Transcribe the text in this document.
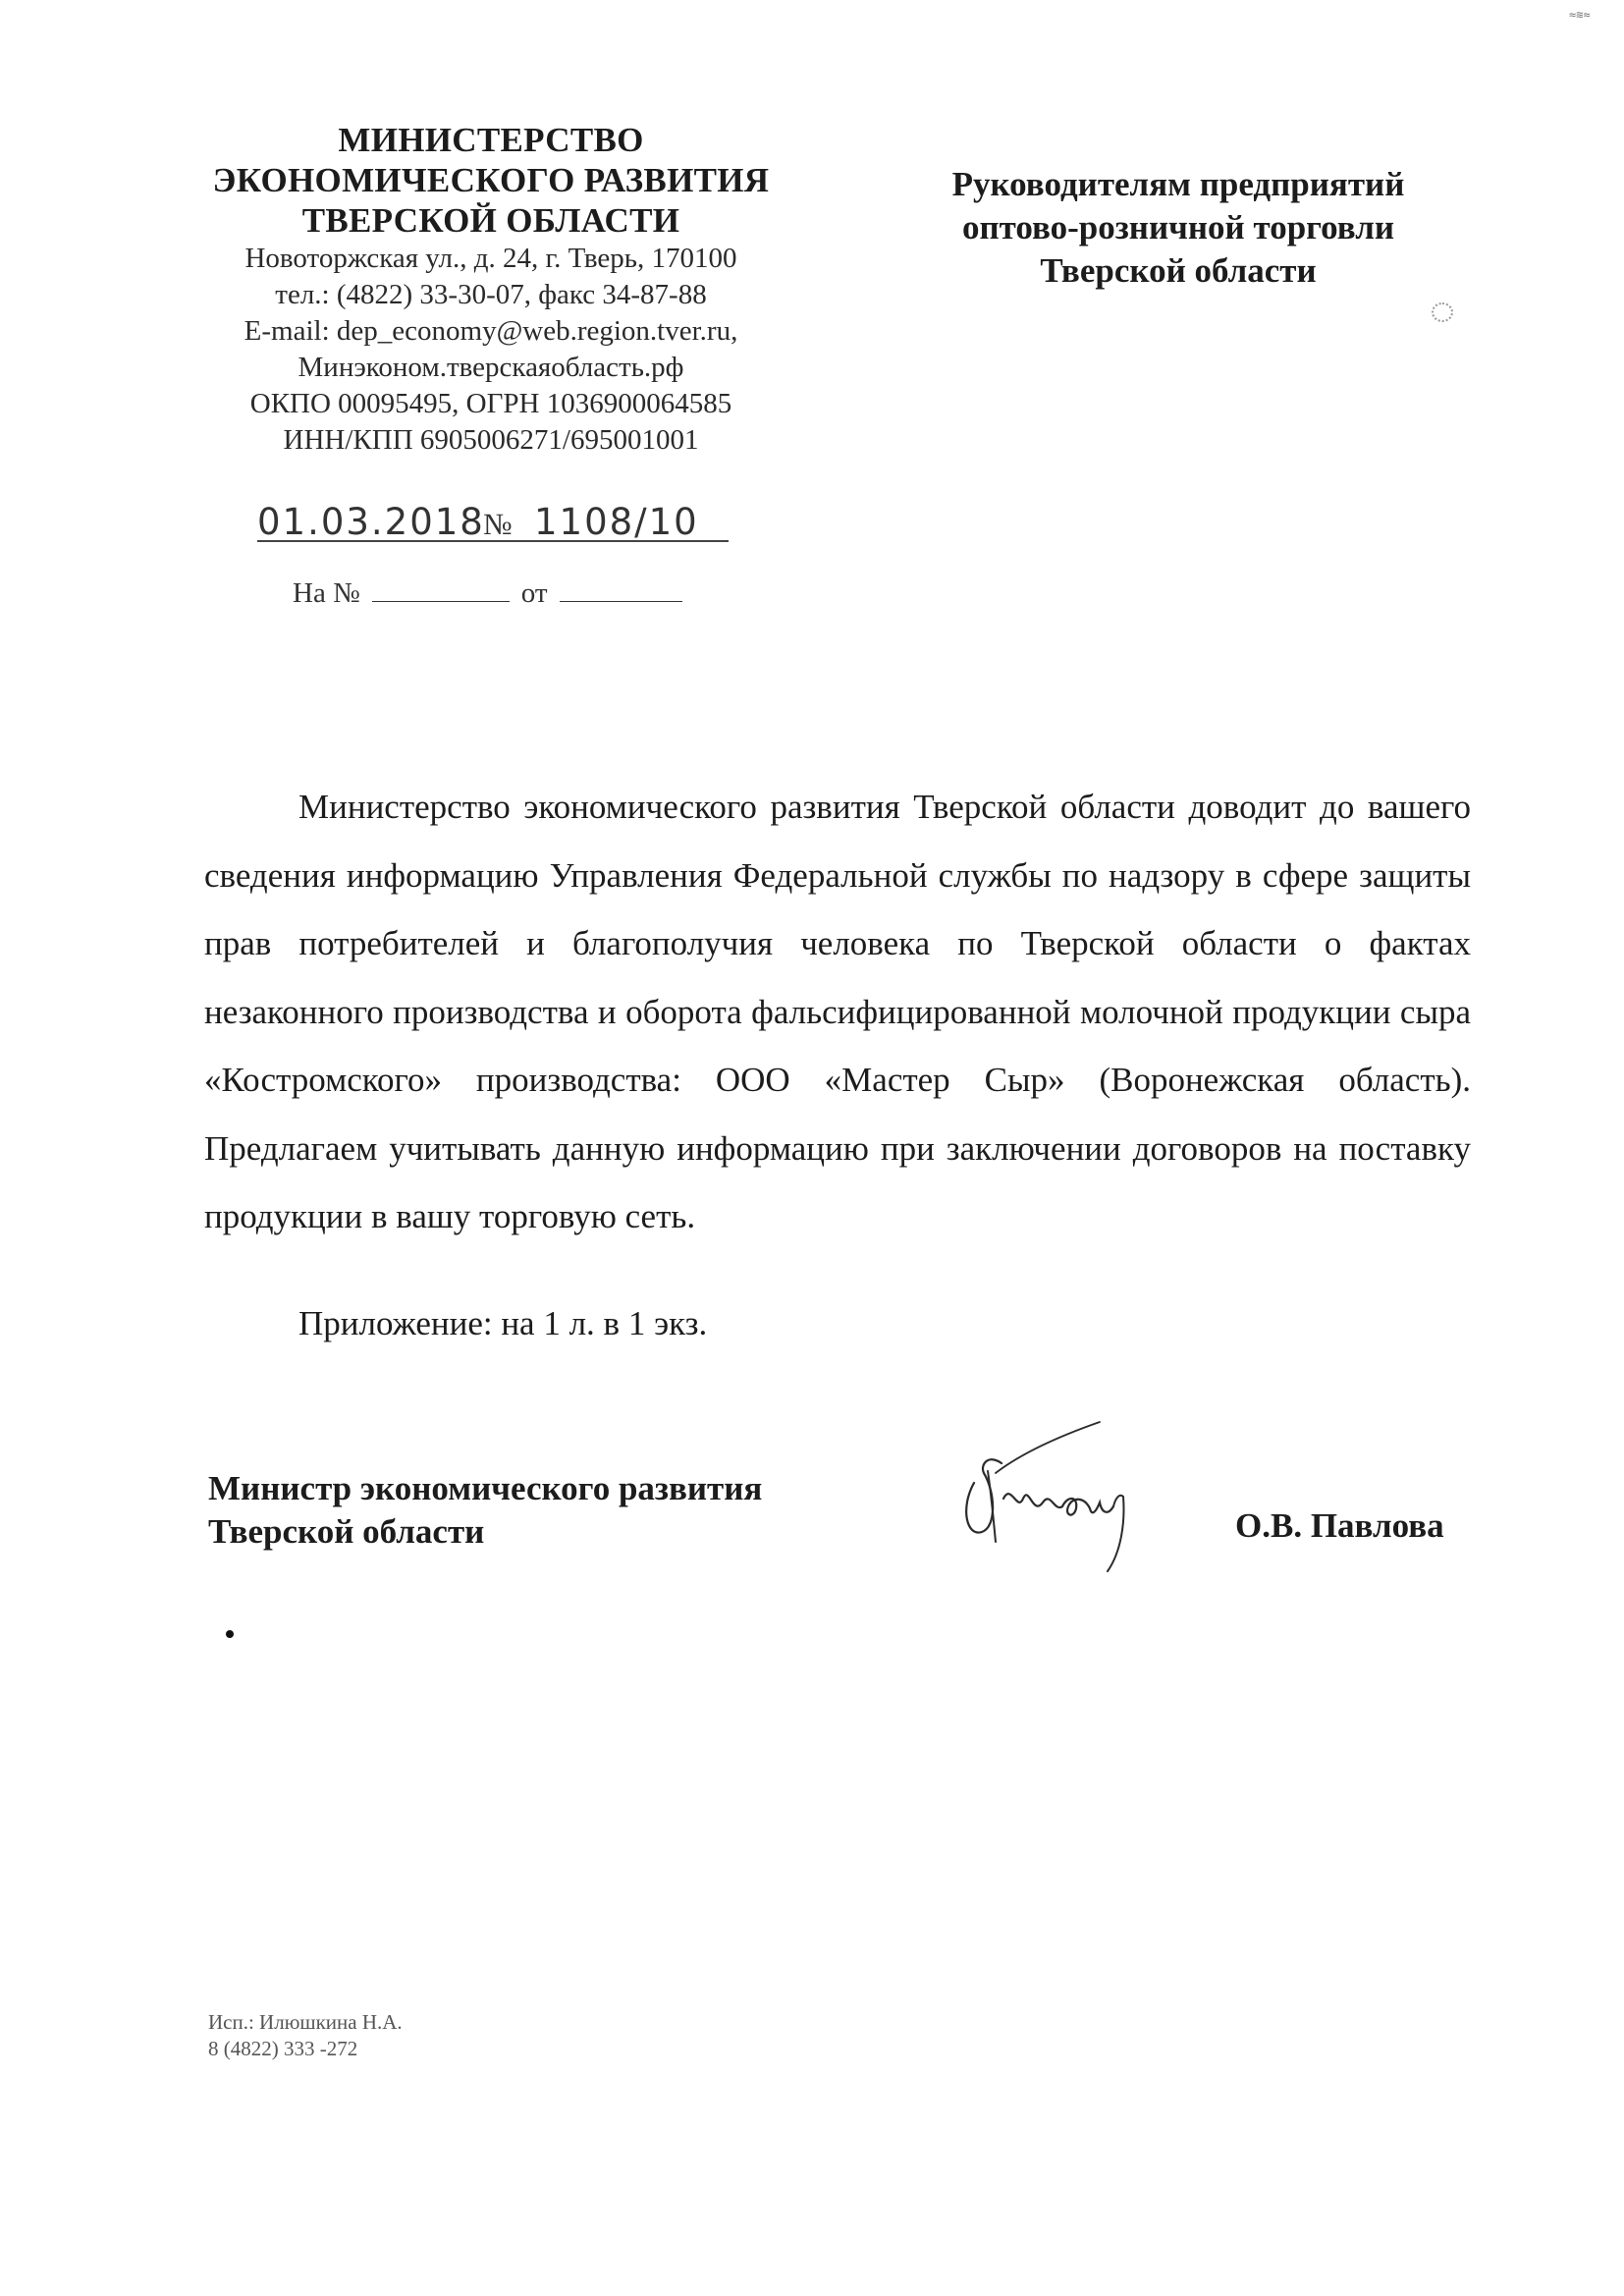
≈≋≈
МИНИСТЕРСТВО
ЭКОНОМИЧЕСКОГО РАЗВИТИЯ
ТВЕРСКОЙ ОБЛАСТИ
Новоторжская ул., д. 24, г. Тверь, 170100
тел.: (4822) 33-30-07, факс 34-87-88
E-mail: dep_economy@web.region.tver.ru,
Минэконом.тверскаяобласть.рф
ОКПО 00095495, ОГРН 1036900064585
ИНН/КПП 6905006271/695001001
Руководителям предприятий
оптово-розничной торговли
Тверской области
01.03.2018
№ 1108/10
На №	от

Министерство экономического развития Тверской области доводит до вашего сведения информацию Управления Федеральной службы по надзору в сфере защиты прав потребителей и благополучия человека по Тверской области о фактах незаконного производства и оборота фальсифицированной молочной продукции сыра «Костромского» производства: ООО «Мастер Сыр» (Воронежская область). Предлагаем учитывать данную информацию при заключении договоров на поставку продукции в вашу торговую сеть.

Приложение: на 1 л. в 1 экз.
Министр экономического развития
Тверской области	О.В. Павлова
Исп.: Илюшкина Н.А.
8 (4822) 333 -272
